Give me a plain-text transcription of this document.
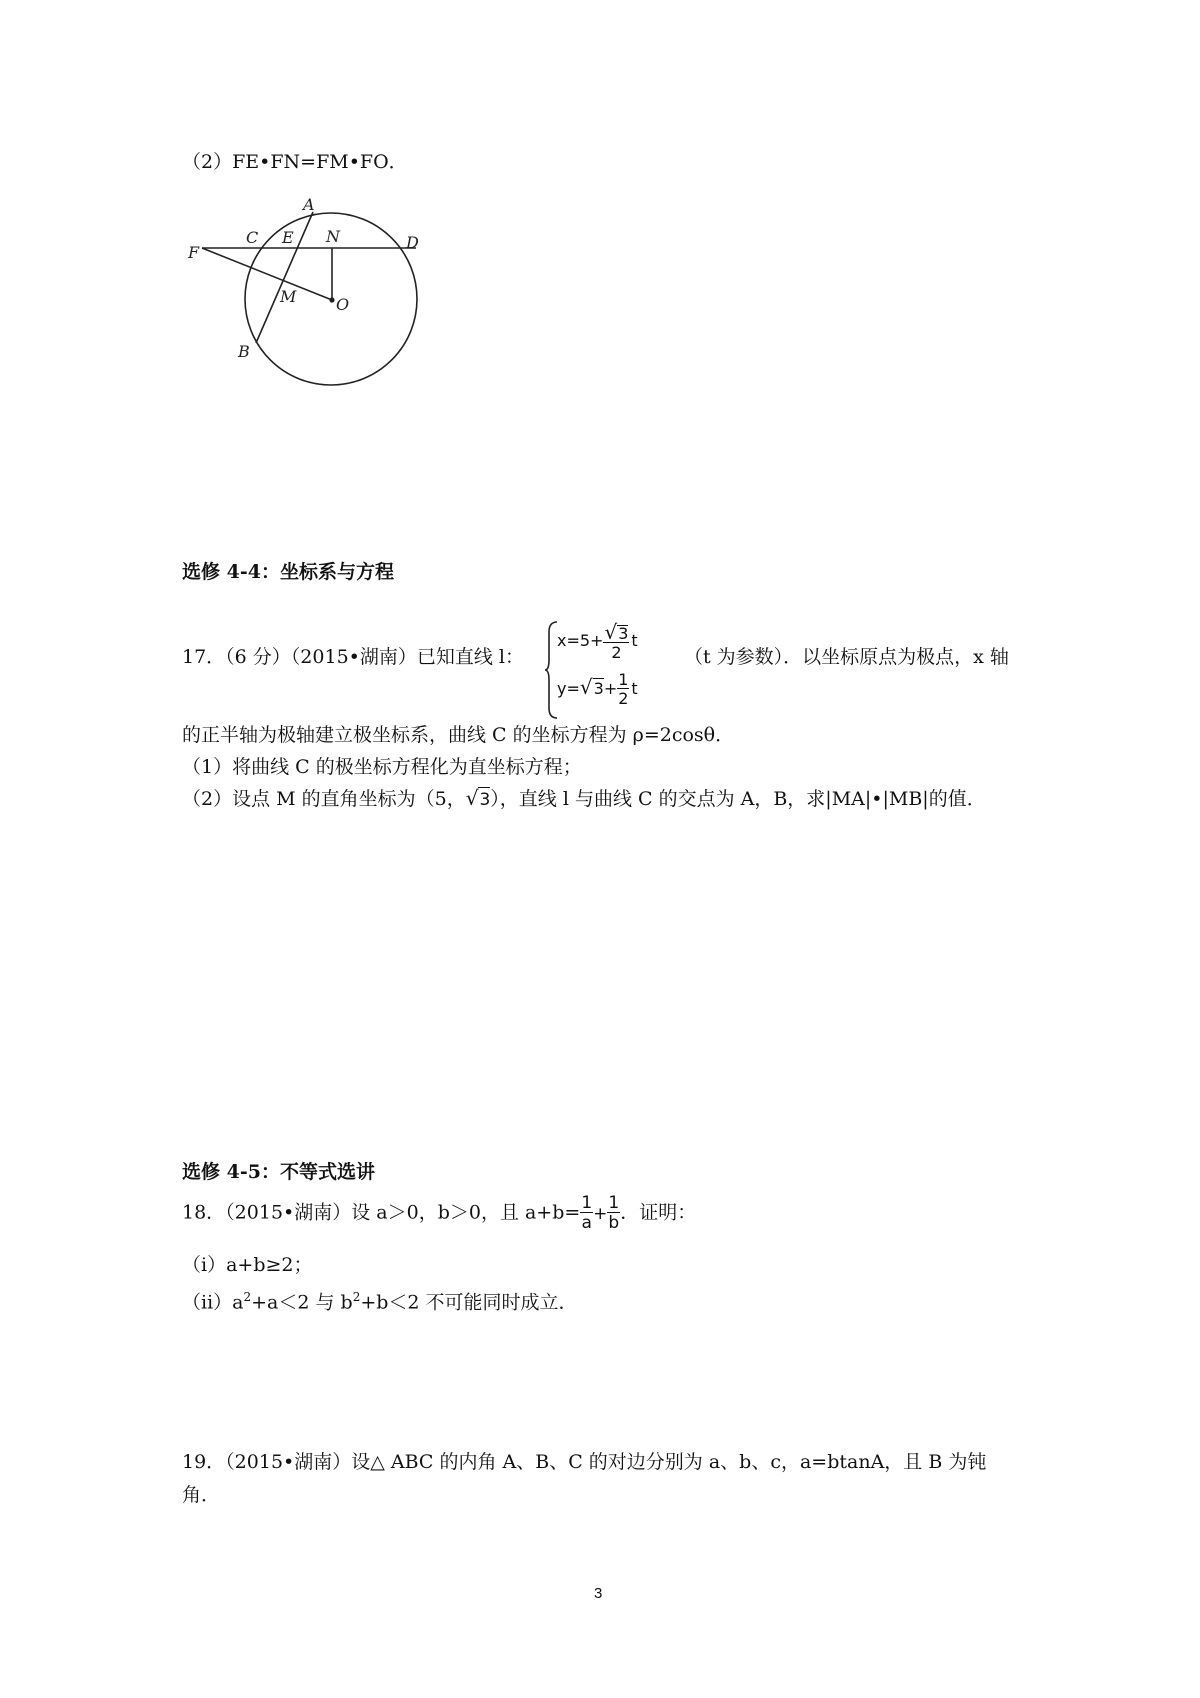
（2）FE•FN=FM•FO．
A
C E N	D
F
M O
B
选修 4-4：坐标系与方程
17．（6 分）（2015•湖南）已知直线 l：
$x=5+ \frac{√3}{2}$ t
$y=√3+ \frac{1}{2}$ t
（t 为参数）．以坐标原点为极点，x 轴
的正半轴为极轴建立极坐标系，曲线 C 的坐标方程为 ρ=2cosθ．
（1）将曲线 C 的极坐标方程化为直坐标方程；
（2）设点 M 的直角坐标为（5，√3），直线 l 与曲线 C 的交点为 A，B，求|MA|•|MB|的值．
选修 4-5：不等式选讲
18．（2015•湖南）设 a＞0，b＞0，且 $a+b= \frac{1}{a} + \frac{1}{b}$ ．证明：
（ⅰ）a+b≥2；
$(ⅱ)a^2+a<2$ 与 $b^2+b<2$ 不可能同时成立．
19．（2015•湖南）设△ ABC 的内角 A、B、C 的对边分别为 a、b、c，a=btanA，且 B 为钝
角．
3
